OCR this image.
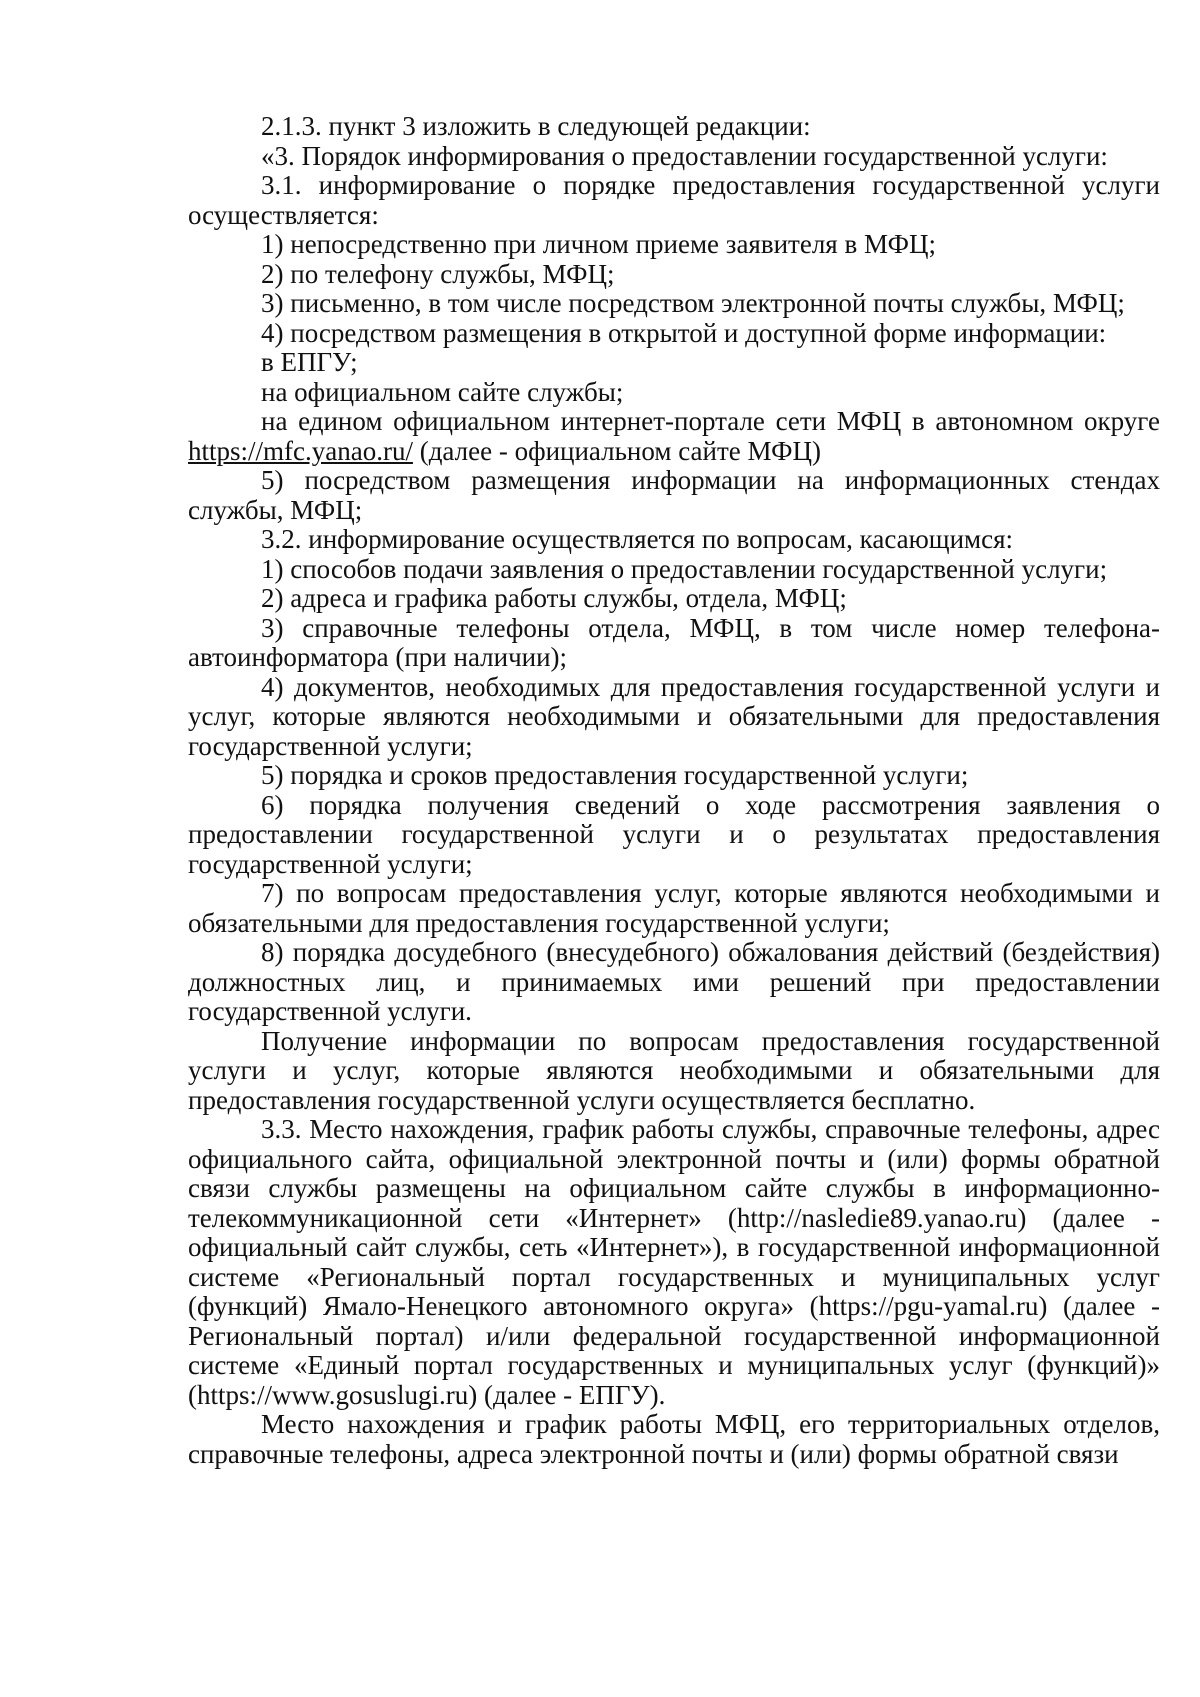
2.1.3. пункт 3 изложить в следующей редакции:

«3. Порядок информирования о предоставлении государственной услуги:

3.1. информирование о порядке предоставления государственной услуги осуществляется:

1) непосредственно при личном приеме заявителя в МФЦ;

2) по телефону службы, МФЦ;

3) письменно, в том числе посредством электронной почты службы, МФЦ;

4) посредством размещения в открытой и доступной форме информации:

в ЕПГУ;

на официальном сайте службы;

на едином официальном интернет-портале сети МФЦ в автономном округе https://mfc.yanao.ru/ (далее - официальном сайте МФЦ)

5) посредством размещения информации на информационных стендах службы, МФЦ;

3.2. информирование осуществляется по вопросам, касающимся:

1) способов подачи заявления о предоставлении государственной услуги;

2) адреса и графика работы службы, отдела, МФЦ;

3) справочные телефоны отдела, МФЦ, в том числе номер телефона-автоинформатора (при наличии);

4) документов, необходимых для предоставления государственной услуги и услуг, которые являются необходимыми и обязательными для предоставления государственной услуги;

5) порядка и сроков предоставления государственной услуги;

6) порядка получения сведений о ходе рассмотрения заявления о предоставлении государственной услуги и о результатах предоставления государственной услуги;

7) по вопросам предоставления услуг, которые являются необходимыми и обязательными для предоставления государственной услуги;

8) порядка досудебного (внесудебного) обжалования действий (бездействия) должностных лиц, и принимаемых ими решений при предоставлении государственной услуги.

Получение информации по вопросам предоставления государственной услуги и услуг, которые являются необходимыми и обязательными для предоставления государственной услуги осуществляется бесплатно.

3.3. Место нахождения, график работы службы, справочные телефоны, адрес официального сайта, официальной электронной почты и (или) формы обратной связи службы размещены на официальном сайте службы в информационно-телекоммуникационной сети «Интернет» (http://nasledie89.yanao.ru) (далее - официальный сайт службы, сеть «Интернет»), в государственной информационной системе «Региональный портал государственных и муниципальных услуг (функций) Ямало-Ненецкого автономного округа» (https://pgu-yamal.ru) (далее - Региональный портал) и/или федеральной государственной информационной системе «Единый портал государственных и муниципальных услуг (функций)» (https://www.gosuslugi.ru) (далее - ЕПГУ).

Место нахождения и график работы МФЦ, его территориальных отделов, справочные телефоны, адреса электронной почты и (или) формы обратной связи
